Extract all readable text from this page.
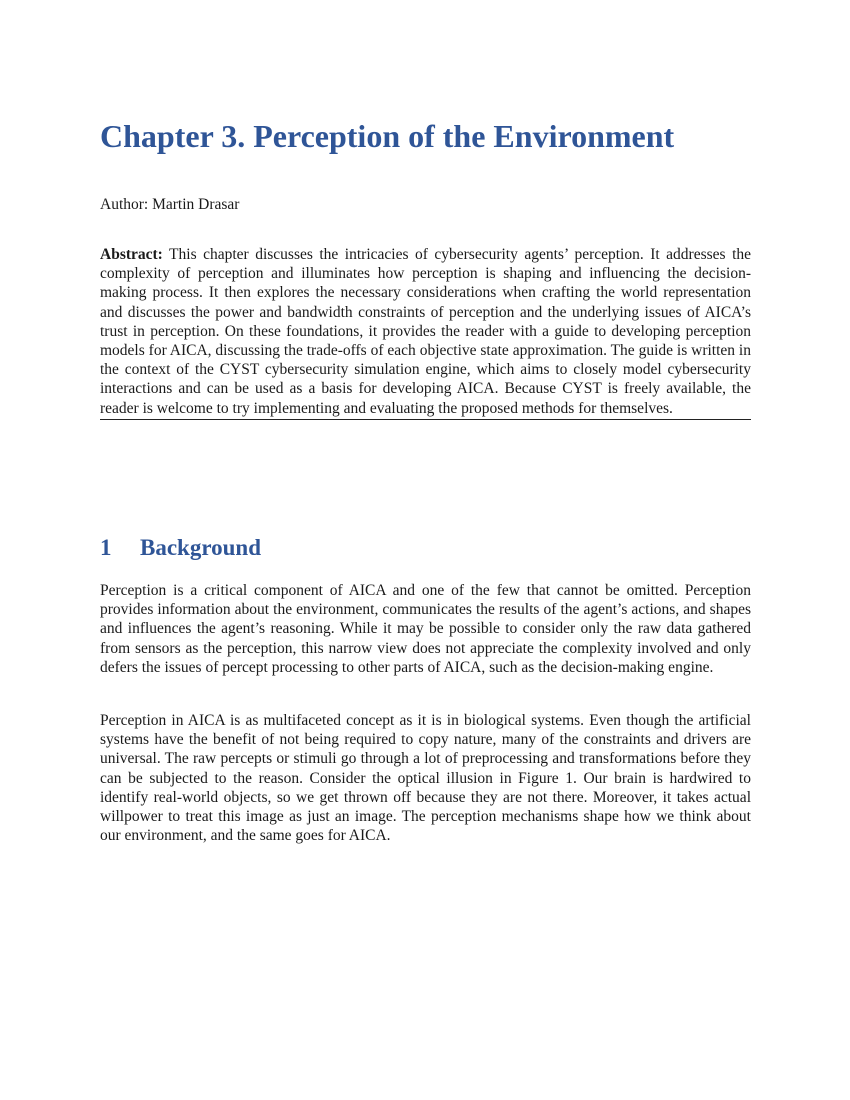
Chapter 3. Perception of the Environment
Author: Martin Drasar

Abstract: This chapter discusses the intricacies of cybersecurity agents’ perception. It addresses the complexity of perception and illuminates how perception is shaping and influencing the decision-making process. It then explores the necessary considerations when crafting the world representation and discusses the power and bandwidth constraints of perception and the underlying issues of AICA’s trust in perception. On these foundations, it provides the reader with a guide to developing perception models for AICA, discussing the trade-offs of each objective state approximation. The guide is written in the context of the CYST cybersecurity simulation engine, which aims to closely model cybersecurity interactions and can be used as a basis for developing AICA. Because CYST is freely available, the reader is welcome to try implementing and evaluating the proposed methods for themselves.

1 Background

Perception is a critical component of AICA and one of the few that cannot be omitted. Perception provides information about the environment, communicates the results of the agent’s actions, and shapes and influences the agent’s reasoning. While it may be possible to consider only the raw data gathered from sensors as the perception, this narrow view does not appreciate the complexity involved and only defers the issues of percept processing to other parts of AICA, such as the decision-making engine.

Perception in AICA is as multifaceted concept as it is in biological systems. Even though the artificial systems have the benefit of not being required to copy nature, many of the constraints and drivers are universal. The raw percepts or stimuli go through a lot of preprocessing and transformations before they can be subjected to the reason. Consider the optical illusion in Figure 1. Our brain is hardwired to identify real-world objects, so we get thrown off because they are not there. Moreover, it takes actual willpower to treat this image as just an image. The perception mechanisms shape how we think about our environment, and the same goes for AICA.
